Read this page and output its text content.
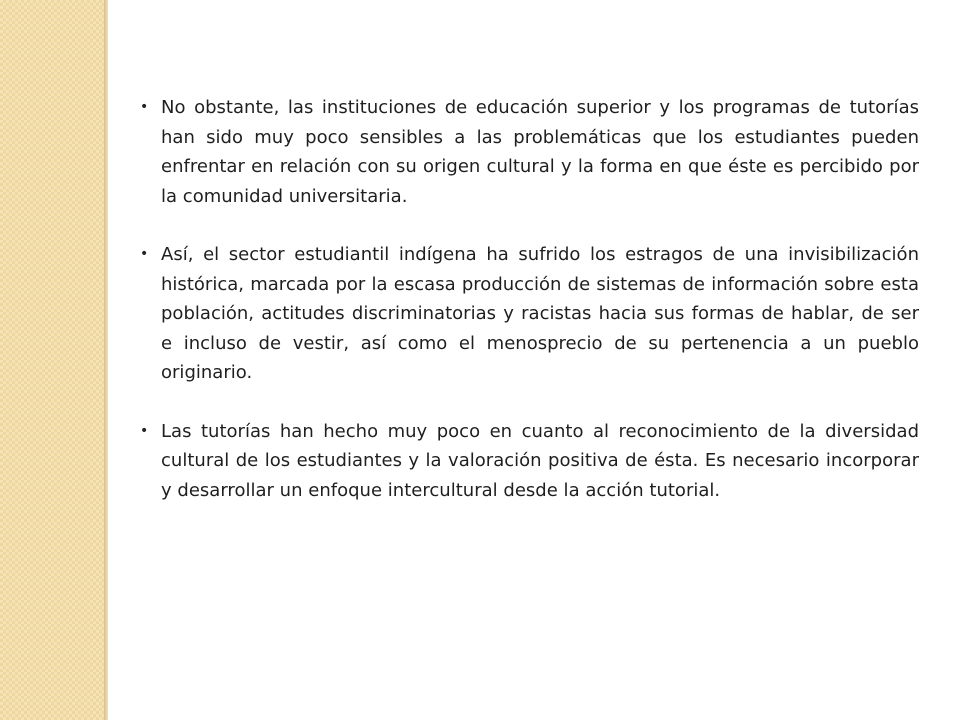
• No obstante, las instituciones de educación superior y los programas de tutorías han sido muy poco sensibles a las problemáticas que los estudiantes pueden enfrentar en relación con su origen cultural y la forma en que éste es percibido por la comunidad universitaria.
• Así, el sector estudiantil indígena ha sufrido los estragos de una invisibilización histórica, marcada por la escasa producción de sistemas de información sobre esta población, actitudes discriminatorias y racistas hacia sus formas de hablar, de ser e incluso de vestir, así como el menosprecio de su pertenencia a un pueblo originario.
• Las tutorías han hecho muy poco en cuanto al reconocimiento de la diversidad cultural de los estudiantes y la valoración positiva de ésta. Es necesario incorporar y desarrollar un enfoque intercultural desde la acción tutorial.
